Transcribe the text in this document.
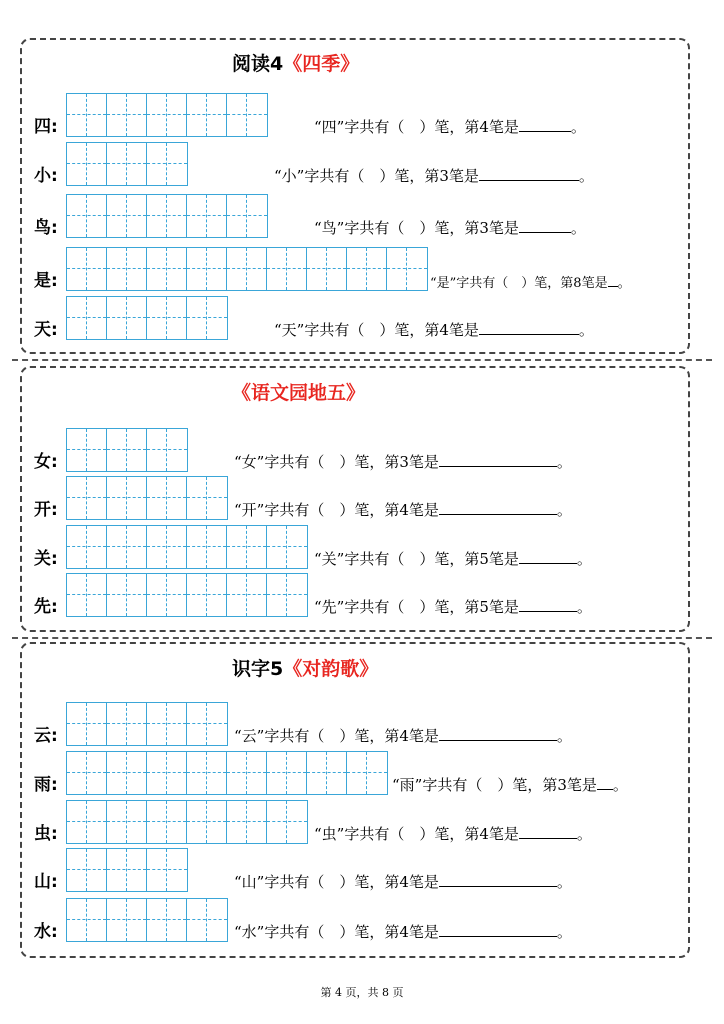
阅读4《四季》
四:	“四”字共有（　）笔，第4笔是	。
小:	“小”字共有（　）笔，第3笔是	。
鸟:	“鸟”字共有（　）笔，第3笔是	。
是:	“是”字共有（　）笔，第8笔是 。
天:	“天”字共有（　）笔，第4笔是	。
《语文园地五》
女:	“女”字共有（　）笔，第3笔是	。
开:	“开”字共有（　）笔，第4笔是	。
关:	“关”字共有（　）笔，第5笔是	。
先:	“先”字共有（　）笔，第5笔是	。
识字5《对韵歌》
云:	“云”字共有（　）笔，第4笔是	。
雨:	“雨”字共有（　）笔，第3笔是 。
虫:	“虫”字共有（　）笔，第4笔是	。
山:	“山”字共有（　）笔，第4笔是	。
水:	“水”字共有（　）笔，第4笔是	。
第 4 页，共 8 页
